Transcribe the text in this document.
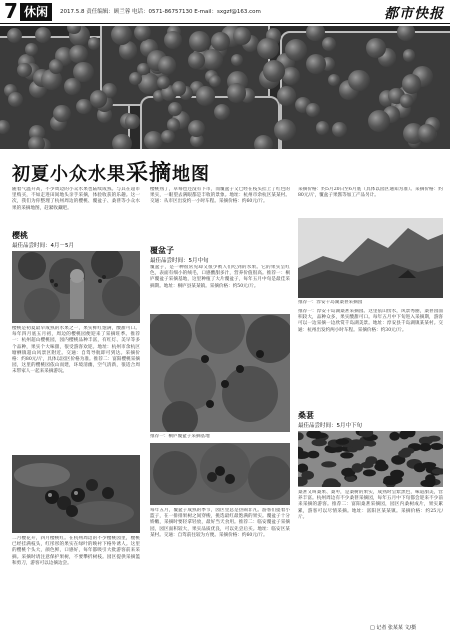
7 休闲	2017.5.8 责任编辑：顾兰蓉 电话：0571-86757130 E-mail：sxgzf@163.com	都市快报
初夏小众水果采摘地图
随着气温升高，不少周边的小众水果也陆续成熟。与其在超市里购买，不如走进田间地头亲手采摘，体验收获的乐趣。这一次，我们为你整理了杭州周边的樱桃、覆盆子、桑葚等小众水果的采摘地图，赶紧收藏吧。
樱桃
最佳品尝时间：4月－5月
樱桃是初夏最早成熟的水果之一，果实鲜红饱满，酸甜可口。每年四月底五月初，周边的樱桃园便迎来了采摘旺季。推荐一：杭州超山樱桃园，园内樱桃品种丰富，有红灯、美早等多个品种，果实个大味甜，很受游客欢迎。地址：杭州市余杭区塘栖镇超山风景区附近。交通：自驾导航即可到达。采摘价格：约80元/斤，具体以园区价格为准。推荐二：富阳樱桃采摘园，这里的樱桃园依山而建，环境清幽，空气清新，很适合周末带家人一起来采摘游玩。
二月樱花开，四月樱桃红。在杭州周边的不少樱桃园里，樱桃已经挂满枝头，红彤彤的果实在绿叶的映衬下格外诱人。这里的樱桃个头大，颜色鲜，口感好，每年都吸引大批游客前来采摘。采摘时请注意保护果树，不要攀折树枝。园区提供采摘篮和剪刀，游客可以边摘边尝。
樱桃熟了，草莓也还没有下市，而覆盆子又已经在枝头挂上了红色的果实，一眼望去满眼都是丰收的景象。地址：杭州市余杭区某某村。交通：从市区出发约一小时车程。采摘价格：约60元/斤。
覆盆子
最佳品尝时间：5月中旬
覆盆子，是一种很常见却又很少被人们吃到的水果。它的果实呈红色，表面有细小的绒毛，口感酸甜多汁，营养价值很高。推荐一：桐庐覆盆子采摘基地，这里种植了大片覆盆子，每年五月中旬是最佳采摘期。地址：桐庐县某某镇。采摘价格：约50元/斤。
推荐一：桐庐覆盆子采摘基地
每年五月，覆盆子成熟的季节，园区里总是热闹非凡。游客们提着小篮子，在一排排果树之间穿梭，挑选最红最饱满的果实。覆盆子十分娇嫩，采摘时要轻拿轻放，最好当天食用。推荐二：临安覆盆子采摘园，园区面积较大，果实品质优良，可以先尝后买。地址：临安区某某村。交通：自驾前往较为方便。采摘价格：约60元/斤。
采摘价格：约5月20日至6月底（具体以园区通知为准）。采摘价格：约80元/斤，覆盆子果酱等加工产品另计。
推荐一：淳安千岛湖桑葚采摘园
推荐一：淳安千岛湖桑葚采摘园。这里依山傍水，风景秀丽，桑葚园面积较大，品种众多，果实酸甜可口。每年五月中下旬进入采摘期，游客可以一边采摘一边欣赏千岛湖美景。地址：淳安县千岛湖镇某某村。交通：杭州出发约两小时车程。采摘价格：约30元/斤。
桑葚
最佳品尝时间：5月中下旬
桑葚又叫桑果、桑枣，是桑树的果实，成熟时呈紫黑色，味道甜美，营养丰富。杭州周边有不少桑葚采摘园，每年五月中下旬都会迎来不少前来采摘的游客。推荐二：富阳桑葚采摘园，园区内桑树成片，果实累累，游客可以尽情采摘。地址：富阳区某某镇。采摘价格：约25元/斤。
□ 记者 张某某 文/摄
